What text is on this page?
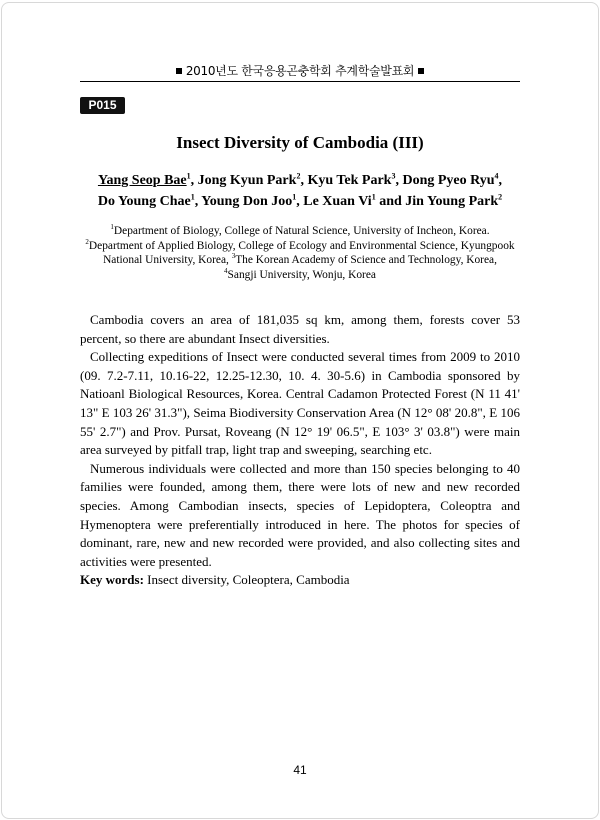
2010년도 한국응용곤충학회 추계학술발표회
P015
Insect Diversity of Cambodia (III)
Yang Seop Bae$^1$, Jong Kyun Park$^2$, Kyu Tek Park$^3$, Dong Pyeo Ryu$^4$,
Do Young Chae$^1$, Young Don Joo$^1$, Le Xuan Vi$^1$ and Jin Young Park$^2$
$^1$Department of Biology, College of Natural Science, University of Incheon, Korea.
$^2$Department of Applied Biology, College of Ecology and Environmental Science, Kyungpook National University, Korea, $^3$The Korean Academy of Science and Technology, Korea,
$^4$Sangji University, Wonju, Korea

Cambodia covers an area of 181,035 sq km, among them, forests cover 53 percent, so there are abundant Insect diversities.

Collecting expeditions of Insect were conducted several times from 2009 to 2010 (09. 7.2-7.11, 10.16-22, 12.25-12.30, 10. 4. 30-5.6) in Cambodia sponsored by Natioanl Biological Resources, Korea. Central Cadamon Protected Forest (N 11 41' 13" E 103 26' 31.3"), Seima Biodiversity Conservation Area (N 12° 08' 20.8", E 106 55' 2.7") and Prov. Pursat, Roveang (N 12° 19' 06.5", E 103° 3' 03.8") were main area surveyed by pitfall trap, light trap and sweeping, searching etc.

Numerous individuals were collected and more than 150 species belonging to 40 families were founded, among them, there were lots of new and new recorded species. Among Cambodian insects, species of Lepidoptera, Coleoptra and Hymenoptera were preferentially introduced in here. The photos for species of dominant, rare, new and new recorded were provided, and also collecting sites and activities were presented.

Key words: Insect diversity, Coleoptera, Cambodia
41
